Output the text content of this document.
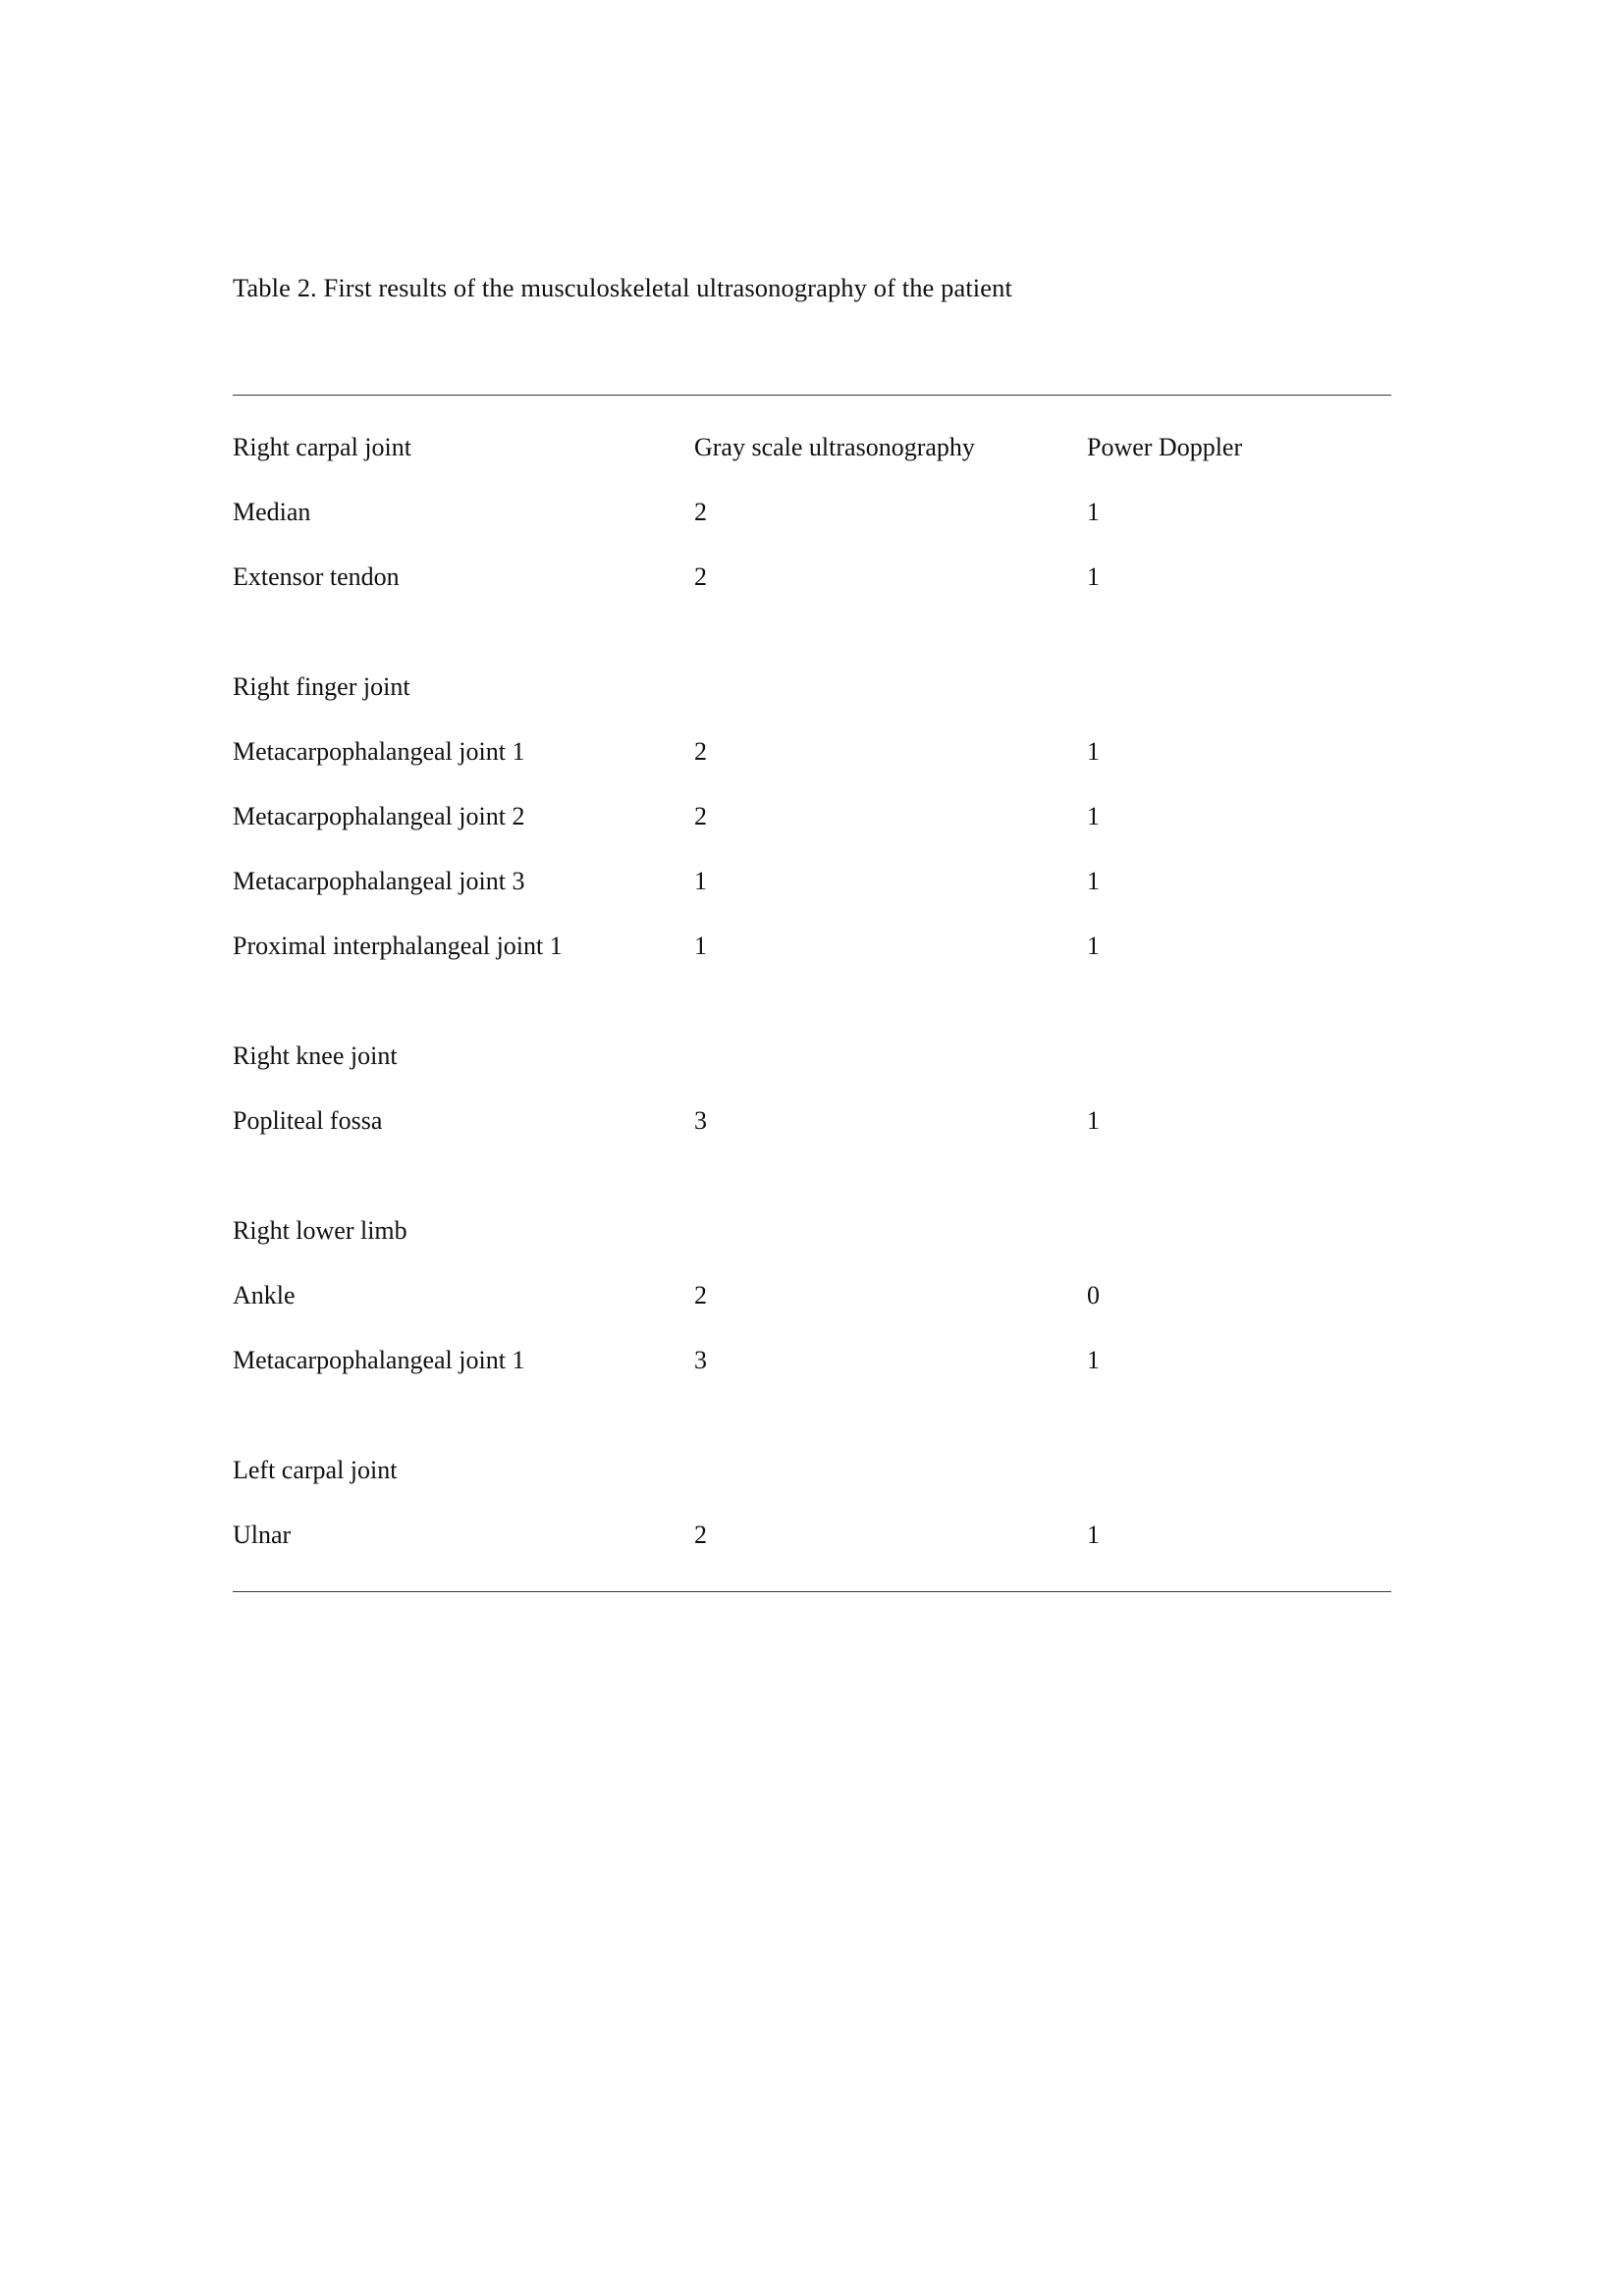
Table 2. First results of the musculoskeletal ultrasonography of the patient

Right carpal joint	Gray scale ultrasonography	Power Doppler
Median	2	1
Extensor tendon	2	1
Right finger joint		
Metacarpophalangeal joint 1	2	1
Metacarpophalangeal joint 2	2	1
Metacarpophalangeal joint 3	1	1
Proximal interphalangeal joint 1	1	1
Right knee joint		
Popliteal fossa	3	1
Right lower limb		
Ankle	2	0
Metacarpophalangeal joint 1	3	1
Left carpal joint		
Ulnar	2	1
